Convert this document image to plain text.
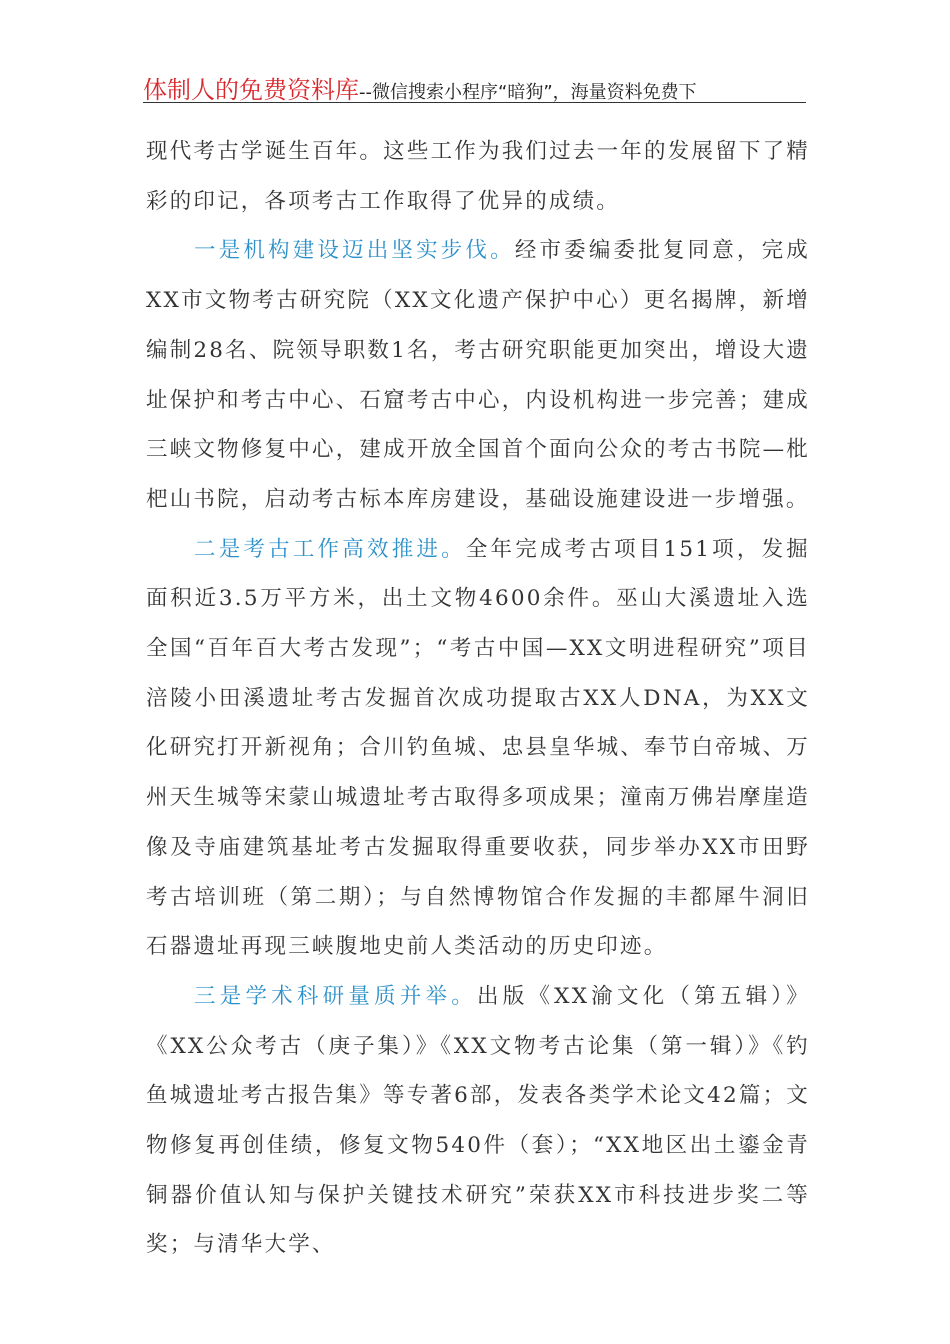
体制人的免费资料库--微信搜索小程序“暗狗”，海量资料免费下

现代考古学诞生百年。这些工作为我们过去一年的发展留下了精彩的印记，各项考古工作取得了优异的成绩。

一是机构建设迈出坚实步伐。经市委编委批复同意，完成XX市文物考古研究院（XX文化遗产保护中心）更名揭牌，新增编制28名、院领导职数1名，考古研究职能更加突出，增设大遗址保护和考古中心、石窟考古中心，内设机构进一步完善；建成三峡文物修复中心，建成开放全国首个面向公众的考古书院—枇杷山书院，启动考古标本库房建设，基础设施建设进一步增强。

二是考古工作高效推进。全年完成考古项目151项，发掘面积近3.5万平方米，出土文物4600余件。巫山大溪遗址入选全国“百年百大考古发现”；“考古中国—XX文明进程研究”项目涪陵小田溪遗址考古发掘首次成功提取古XX人DNA，为XX文化研究打开新视角；合川钓鱼城、忠县皇华城、奉节白帝城、万州天生城等宋蒙山城遗址考古取得多项成果；潼南万佛岩摩崖造像及寺庙建筑基址考古发掘取得重要收获，同步举办XX市田野考古培训班（第二期）；与自然博物馆合作发掘的丰都犀牛洞旧石器遗址再现三峡腹地史前人类活动的历史印迹。

三是学术科研量质并举。出版《XX渝文化（第五辑）》《XX公众考古（庚子集）》《XX文物考古论集（第一辑）》《钓鱼城遗址考古报告集》等专著6部，发表各类学术论文42篇；文物修复再创佳绩，修复文物540件（套）；“XX地区出土鎏金青铜器价值认知与保护关键技术研究”荣获XX市科技进步奖二等奖；与清华大学、
